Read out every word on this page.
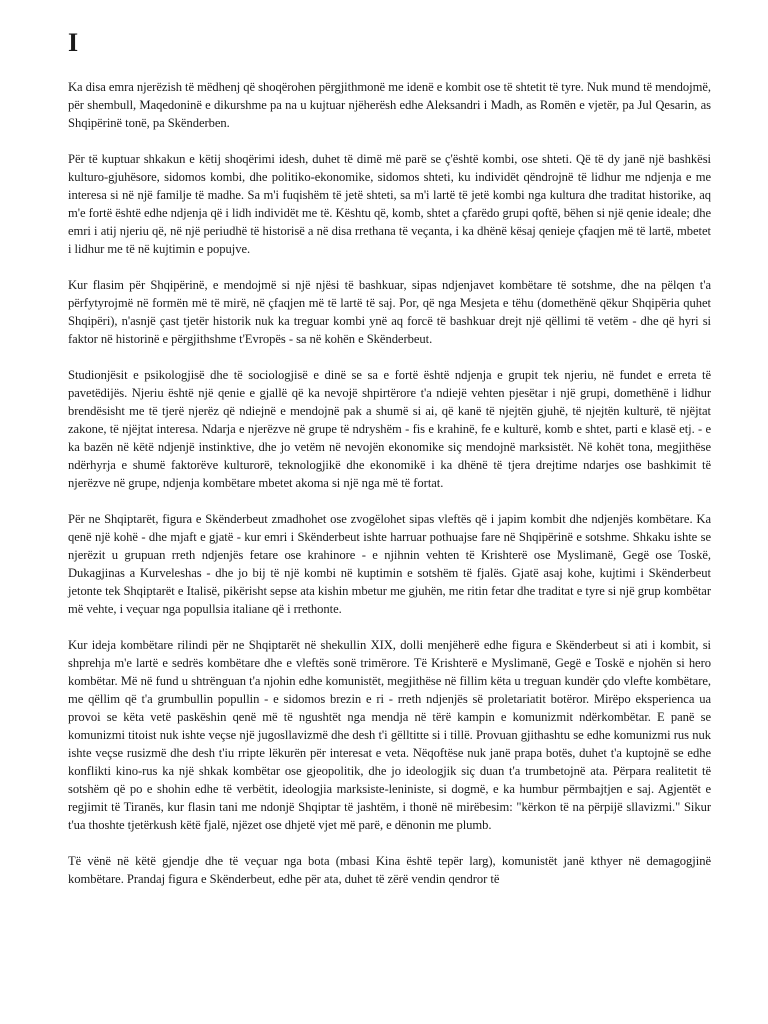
I

Ka disa emra njerëzish të mëdhenj që shoqërohen përgjithmonë me idenë e kombit ose të shtetit të tyre. Nuk mund të mendojmë, për shembull, Maqedoninë e dikurshme pa na u kujtuar njëherësh edhe Aleksandri i Madh, as Romën e vjetër, pa Jul Qesarin, as Shqipërinë tonë, pa Skënderben.

Për të kuptuar shkakun e këtij shoqërimi idesh, duhet të dimë më parë se ç'është kombi, ose shteti. Që të dy janë një bashkësi kulturo-gjuhësore, sidomos kombi, dhe politiko-ekonomike, sidomos shteti, ku individët qëndrojnë të lidhur me ndjenja e me interesa si në një familje të madhe. Sa m'i fuqishëm të jetë shteti, sa m'i lartë të jetë kombi nga kultura dhe traditat historike, aq m'e fortë është edhe ndjenja që i lidh individët me të. Kështu që, komb, shtet a çfarëdo grupi qoftë, bëhen si një qenie ideale; dhe emri i atij njeriu që, në një periudhë të historisë a në disa rrethana të veçanta, i ka dhënë kësaj qenieje çfaqjen më të lartë, mbetet i lidhur me të në kujtimin e popujve.

Kur flasim për Shqipërinë, e mendojmë si një njësi të bashkuar, sipas ndjenjavet kombëtare të sotshme, dhe na pëlqen t'a përfytyrojmë në formën më të mirë, në çfaqjen më të lartë të saj. Por, që nga Mesjeta e tëhu (domethënë qëkur Shqipëria quhet Shqipëri), n'asnjë çast tjetër historik nuk ka treguar kombi ynë aq forcë të bashkuar drejt një qëllimi të vetëm - dhe që hyri si faktor në historinë e përgjithshme t'Evropës - sa në kohën e Skënderbeut.

Studionjësit e psikologjisë dhe të sociologjisë e dinë se sa e fortë është ndjenja e grupit tek njeriu, në fundet e erreta të pavetëdijës. Njeriu është një qenie e gjallë që ka nevojë shpirtërore t'a ndiejë vehten pjesëtar i një grupi, domethënë i lidhur brendësisht me të tjerë njerëz që ndiejnë e mendojnë pak a shumë si ai, që kanë të njejtën gjuhë, të njejtën kulturë, të njëjtat zakone, të njëjtat interesa. Ndarja e njerëzve në grupe të ndryshëm - fis e krahinë, fe e kulturë, komb e shtet, parti e klasë etj. - e ka bazën në këtë ndjenjë instinktive, dhe jo vetëm në nevojën ekonomike siç mendojnë marksistët. Në kohët tona, megjithëse ndërhyrja e shumë faktorëve kulturorë, teknologjikë dhe ekonomikë i ka dhënë të tjera drejtime ndarjes ose bashkimit të njerëzve në grupe, ndjenja kombëtare mbetet akoma si një nga më të fortat.

Për ne Shqiptarët, figura e Skënderbeut zmadhohet ose zvogëlohet sipas vleftës që i japim kombit dhe ndjenjës kombëtare. Ka qenë një kohë - dhe mjaft e gjatë - kur emri i Skënderbeut ishte harruar pothuajse fare në Shqipërinë e sotshme. Shkaku ishte se njerëzit u grupuan rreth ndjenjës fetare ose krahinore - e njihnin vehten të Krishterë ose Myslimanë, Gegë ose Toskë, Dukagjinas a Kurveleshas - dhe jo bij të një kombi në kuptimin e sotshëm të fjalës. Gjatë asaj kohe, kujtimi i Skënderbeut jetonte tek Shqiptarët e Italisë, pikërisht sepse ata kishin mbetur me gjuhën, me ritin fetar dhe traditat e tyre si një grup kombëtar më vehte, i veçuar nga popullsia italiane që i rrethonte.

Kur ideja kombëtare rilindi për ne Shqiptarët në shekullin XIX, dolli menjëherë edhe figura e Skënderbeut si ati i kombit, si shprehja m'e lartë e sedrës kombëtare dhe e vleftës sonë trimërore. Të Krishterë e Myslimanë, Gegë e Toskë e njohën si hero kombëtar. Më në fund u shtrënguan t'a njohin edhe komunistët, megjithëse në fillim këta u treguan kundër çdo vlefte kombëtare, me qëllim që t'a grumbullin popullin - e sidomos brezin e ri - rreth ndjenjës së proletariatit botëror. Mirëpo eksperienca ua provoi se këta vetë paskëshin qenë më të ngushtët nga mendja në tërë kampin e komunizmit ndërkombëtar. E panë se komunizmi titoist nuk ishte veçse një jugosllavizmë dhe desh t'i gëlltitte si i tillë. Provuan gjithashtu se edhe komunizmi rus nuk ishte veçse rusizmë dhe desh t'iu rripte lëkurën për interesat e veta. Nëqoftëse nuk janë prapa botës, duhet t'a kuptojnë se edhe konflikti kino-rus ka një shkak kombëtar ose gjeopolitik, dhe jo ideologjik siç duan t'a trumbetojnë ata. Përpara realitetit të sotshëm që po e shohin edhe të verbëtit, ideologjia marksiste-leniniste, si dogmë, e ka humbur përmbajtjen e saj. Agjentët e regjimit të Tiranës, kur flasin tani me ndonjë Shqiptar të jashtëm, i thonë në mirëbesim: "kërkon të na përpijë sllavizmi." Sikur t'ua thoshte tjetërkush këtë fjalë, njëzet ose dhjetë vjet më parë, e dënonin me plumb.

Të vënë në këtë gjendje dhe të veçuar nga bota (mbasi Kina është tepër larg), komunistët janë kthyer në demagogjinë kombëtare. Prandaj figura e Skënderbeut, edhe për ata, duhet të zërë vendin qendror të
